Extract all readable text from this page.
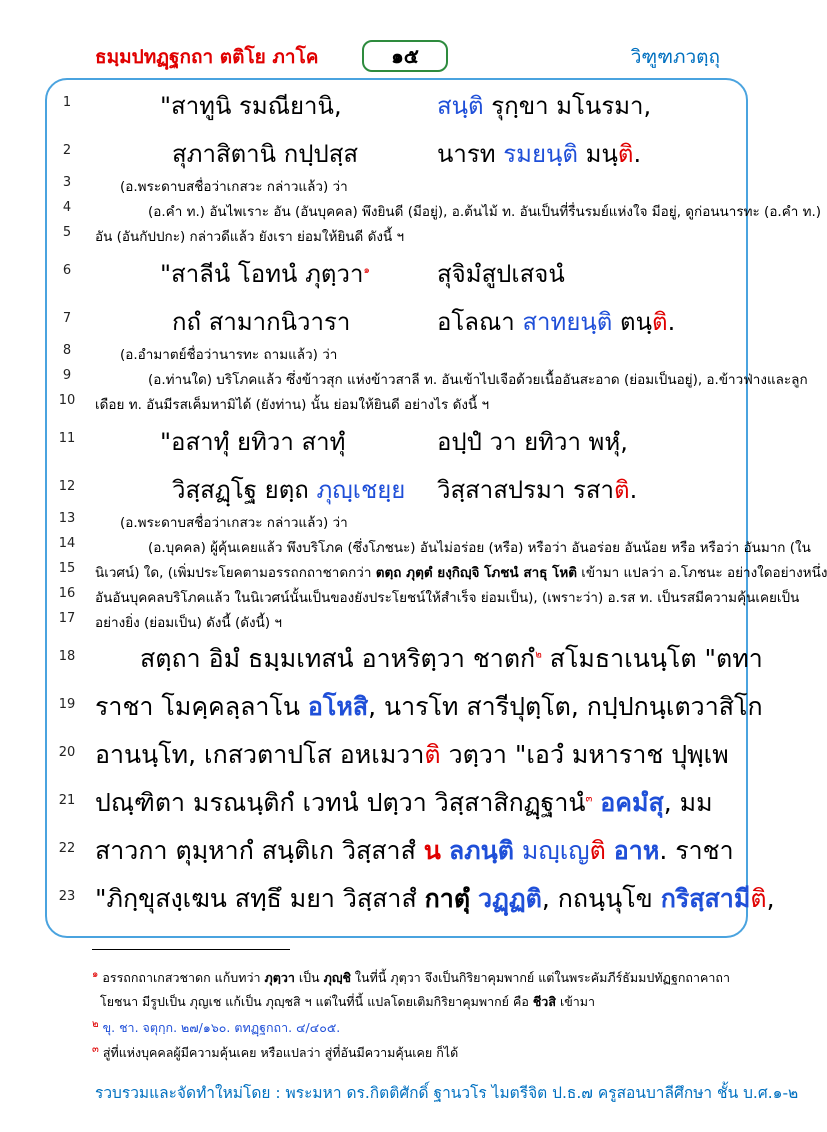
ธมฺมปทฏฺฐกถา ตติโย ภาโค	๑๕	วิฑูฑภวตฺถุ
1
2
3
4
5
6
7
8
9
10
11
12
13
14
15
16
17
18
19
20
21
22
23
"สาทูนิ รมณียานิ,	สนฺติ รุกฺขา มโนรมา,
สุภาสิตานิ กปฺปสฺส	นารท รมยนฺติ มนฺติ.
(อ.พระดาบสชื่อว่าเกสวะ กล่าวแล้ว) ว่า
(อ.คำ ท.) อันไพเราะ อัน (อันบุคคล) พึงยินดี (มีอยู่), อ.ต้นไม้ ท. อันเป็นที่รื่นรมย์แห่งใจ มีอยู่, ดูก่อนนารทะ (อ.คำ ท.)
อัน (อันกัปปกะ) กล่าวดีแล้ว ยังเรา ย่อมให้ยินดี ดังนี้ ฯ
"สาลีนํ โอทนํ ภุตฺวา$^๑$	สุจิมํสูปเสจนํ
กถํ สามากนิวารา	อโลณา สาทยนฺติ ตนฺติ.
(อ.อำมาตย์ชื่อว่านารทะ ถามแล้ว) ว่า
(อ.ท่านใด) บริโภคแล้ว ซึ่งข้าวสุก แห่งข้าวสาลี ท. อันเข้าไปเจือด้วยเนื้ออันสะอาด (ย่อมเป็นอยู่), อ.ข้าวฟ่างและลูก
เดือย ท. อันมีรสเค็มหามิได้ (ยังท่าน) นั้น ย่อมให้ยินดี อย่างไร ดังนี้ ฯ
"อสาทุํ ยทิวา สาทุํ	อปฺปํ วา ยทิวา พหุํ,
วิสฺสฏฺโฐ ยตฺถ ภุญฺเชยฺย วิสฺสาสปรมา รสาติ.
(อ.พระดาบสชื่อว่าเกสวะ กล่าวแล้ว) ว่า
(อ.บุคคล) ผู้คุ้นเคยแล้ว พึงบริโภค (ซึ่งโภชนะ) อันไม่อร่อย (หรือ) หรือว่า อันอร่อย อันน้อย หรือ หรือว่า อันมาก (ใน
นิเวศน์) ใด, (เพิ่มประโยคตามอรรถกถาชาดกว่า ตตฺถ ภุตฺตํ ยงฺกิญฺจิ โภชนํ สาธุ โหติ เข้ามา แปลว่า อ.โภชนะ อย่างใดอย่างหนึ่ง
อันอันบุคคลบริโภคแล้ว ในนิเวศน์นั้นเป็นของยังประโยชน์ให้สำเร็จ ย่อมเป็น), (เพราะว่า) อ.รส ท. เป็นรสมีความคุ้นเคยเป็น
อย่างยิ่ง (ย่อมเป็น) ดังนี้ (ดังนี้) ฯ
สตฺถา อิมํ ธมฺมเทสนํ อาหริตฺวา ชาตกํ$^๒$ สโมธาเนนฺโต "ตทา
ราชา โมคฺคลฺลาโน อโหสิ, นารโท สารีปุตฺโต, กปฺปกนฺเตวาสิโก
อานนฺโท, เกสวตาปโส อหเมวาติ วตฺวา "เอวํ มหาราช ปุพฺเพ
ปณฺฑิตา มรณนฺติกํ เวทนํ ปตฺวา วิสฺสาสิกฏฺฐานํ$^๓$ อคมํสุ, มม
สาวกา ตุมฺหากํ สนฺติเก วิสฺสาสํ น ลภนฺติ มญฺเญติ อาห. ราชา
"ภิกฺขุสงฺเฆน สทฺธึ มยา วิสฺสาสํ กาตุํ วฏฺฏติ, กถนฺนุโข กริสฺสามีติ,
$^๑$ อรรถกถาเกสวชาดก แก้บทว่า ภุตฺวา เป็น ภุญฺชิ ในที่นี้ ภุตฺวา จึงเป็นกิริยาคุมพากย์ แต่ในพระคัมภีร์ธัมมปทัฏฐกถาคาถา
โยชนา มีรูปเป็น ภุญเช แก้เป็น ภุญฺชสิ ฯ แต่ในที่นี้ แปลโดยเติมกิริยาคุมพากย์ คือ ชีวสิ เข้ามา
$^๒$ ขุ. ชา. จตุกฺก. ๒๗/๑๖๐. ตทฏฺฐกถา. ๔/๔๐๕.
$^๓$ สู่ที่แห่งบุคคลผู้มีความคุ้นเคย หรือแปลว่า สู่ที่อันมีความคุ้นเคย ก็ได้
รวบรวมและจัดทำใหม่โดย : พระมหา ดร.กิตติศักดิ์ ฐานวโร ไมตรีจิต ป.ธ.๗ ครูสอนบาลีศึกษา ชั้น บ.ศ.๑-๒
